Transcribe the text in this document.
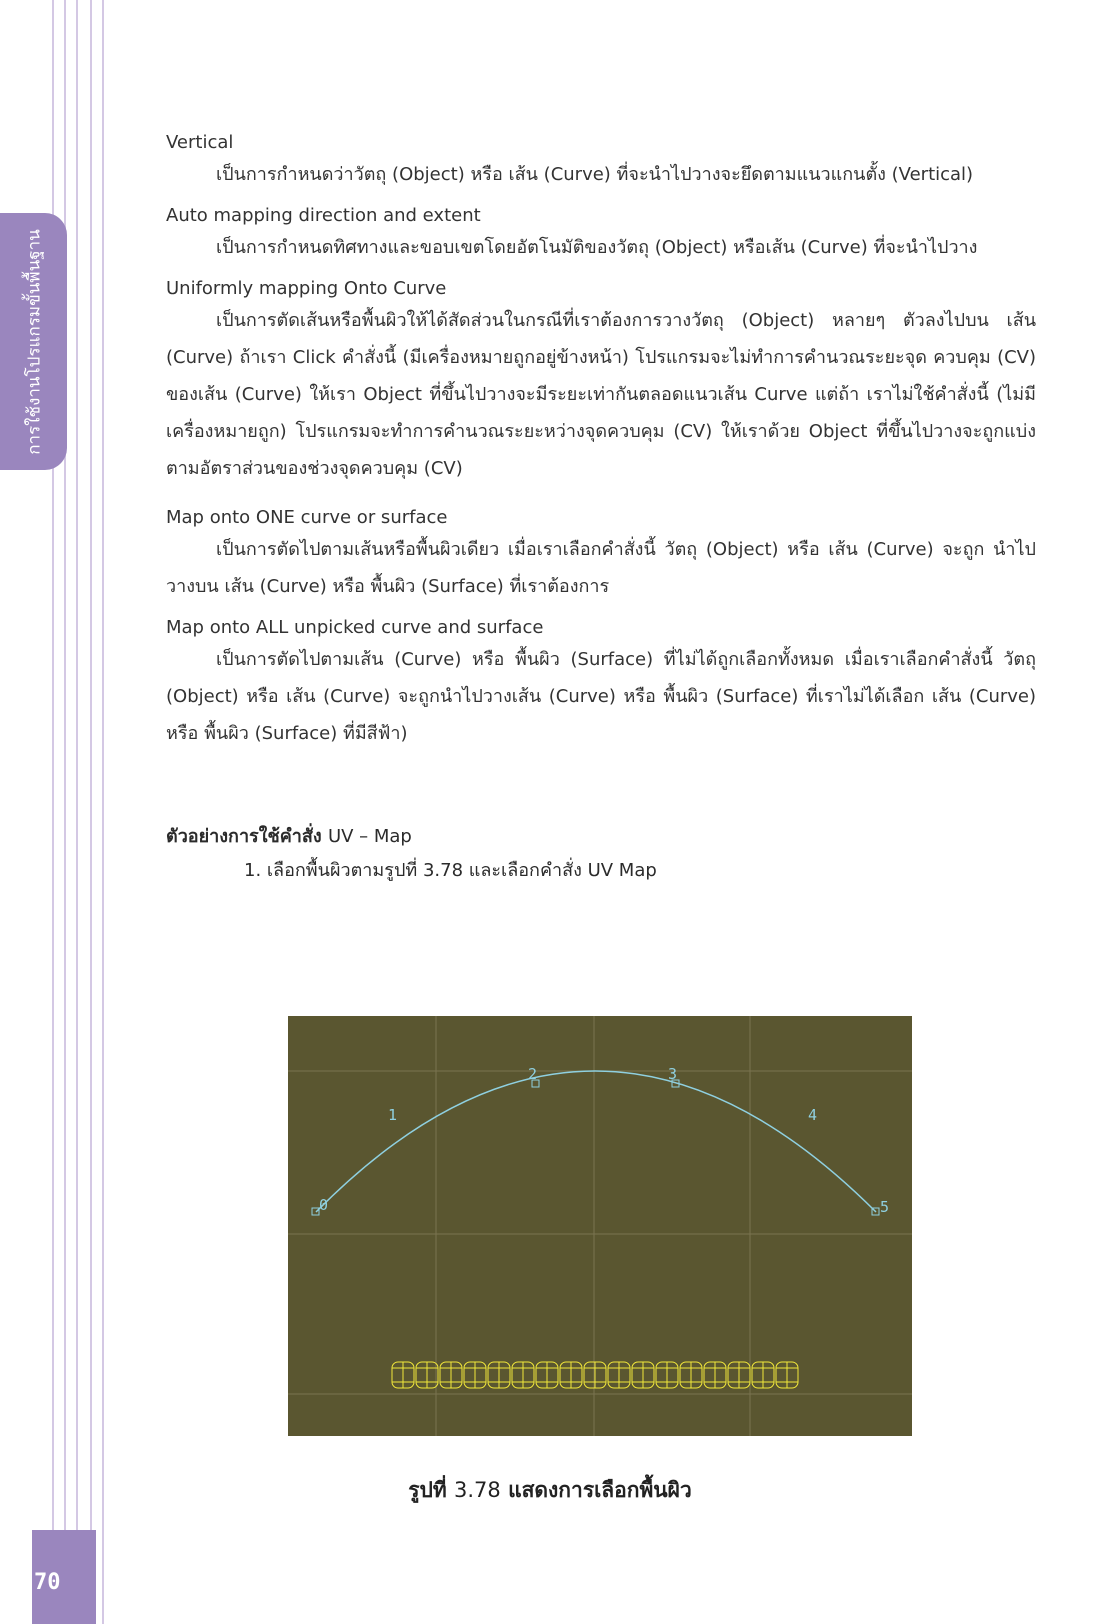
การใช้งานโปรแกรมขั้นพื้นฐาน
70

Vertical

เป็นการกำหนดว่าวัตถุ (Object) หรือ เส้น (Curve) ที่จะนำไปวางจะยึดตามแนวแกนตั้ง (Vertical)

Auto mapping direction and extent

เป็นการกำหนดทิศทางและขอบเขตโดยอัตโนมัติของวัตถุ (Object) หรือเส้น (Curve) ที่จะนำไปวาง

Uniformly mapping Onto Curve

เป็นการตัดเส้นหรือพื้นผิวให้ได้สัดส่วนในกรณีที่เราต้องการวางวัตถุ (Object) หลายๆ ตัวลงไปบน เส้น (Curve) ถ้าเรา Click คำสั่งนี้ (มีเครื่องหมายถูกอยู่ข้างหน้า) โปรแกรมจะไม่ทำการคำนวณระยะจุด ควบคุม (CV) ของเส้น (Curve) ให้เรา Object ที่ขึ้นไปวางจะมีระยะเท่ากันตลอดแนวเส้น Curve แต่ถ้า เราไม่ใช้คำสั่งนี้ (ไม่มีเครื่องหมายถูก) โปรแกรมจะทำการคำนวณระยะหว่างจุดควบคุม (CV) ให้เราด้วย Object ที่ขึ้นไปวางจะถูกแบ่งตามอัตราส่วนของช่วงจุดควบคุม (CV)

Map onto ONE curve or surface

เป็นการตัดไปตามเส้นหรือพื้นผิวเดียว เมื่อเราเลือกคำสั่งนี้ วัตถุ (Object) หรือ เส้น (Curve) จะถูก นำไปวางบน เส้น (Curve) หรือ พื้นผิว (Surface) ที่เราต้องการ

Map onto ALL unpicked curve and surface

เป็นการตัดไปตามเส้น (Curve) หรือ พื้นผิว (Surface) ที่ไม่ได้ถูกเลือกทั้งหมด เมื่อเราเลือกคำสั่งนี้ วัตถุ (Object) หรือ เส้น (Curve) จะถูกนำไปวางเส้น (Curve) หรือ พื้นผิว (Surface) ที่เราไม่ได้เลือก เส้น (Curve) หรือ พื้นผิว (Surface) ที่มีสีฟ้า)

ตัวอย่างการใช้คำสั่ง UV – Map

1. เลือกพื้นผิวตามรูปที่ 3.78 และเลือกคำสั่ง UV Map

0
1
2	3
4
5
รูปที่ 3.78 แสดงการเลือกพื้นผิว
